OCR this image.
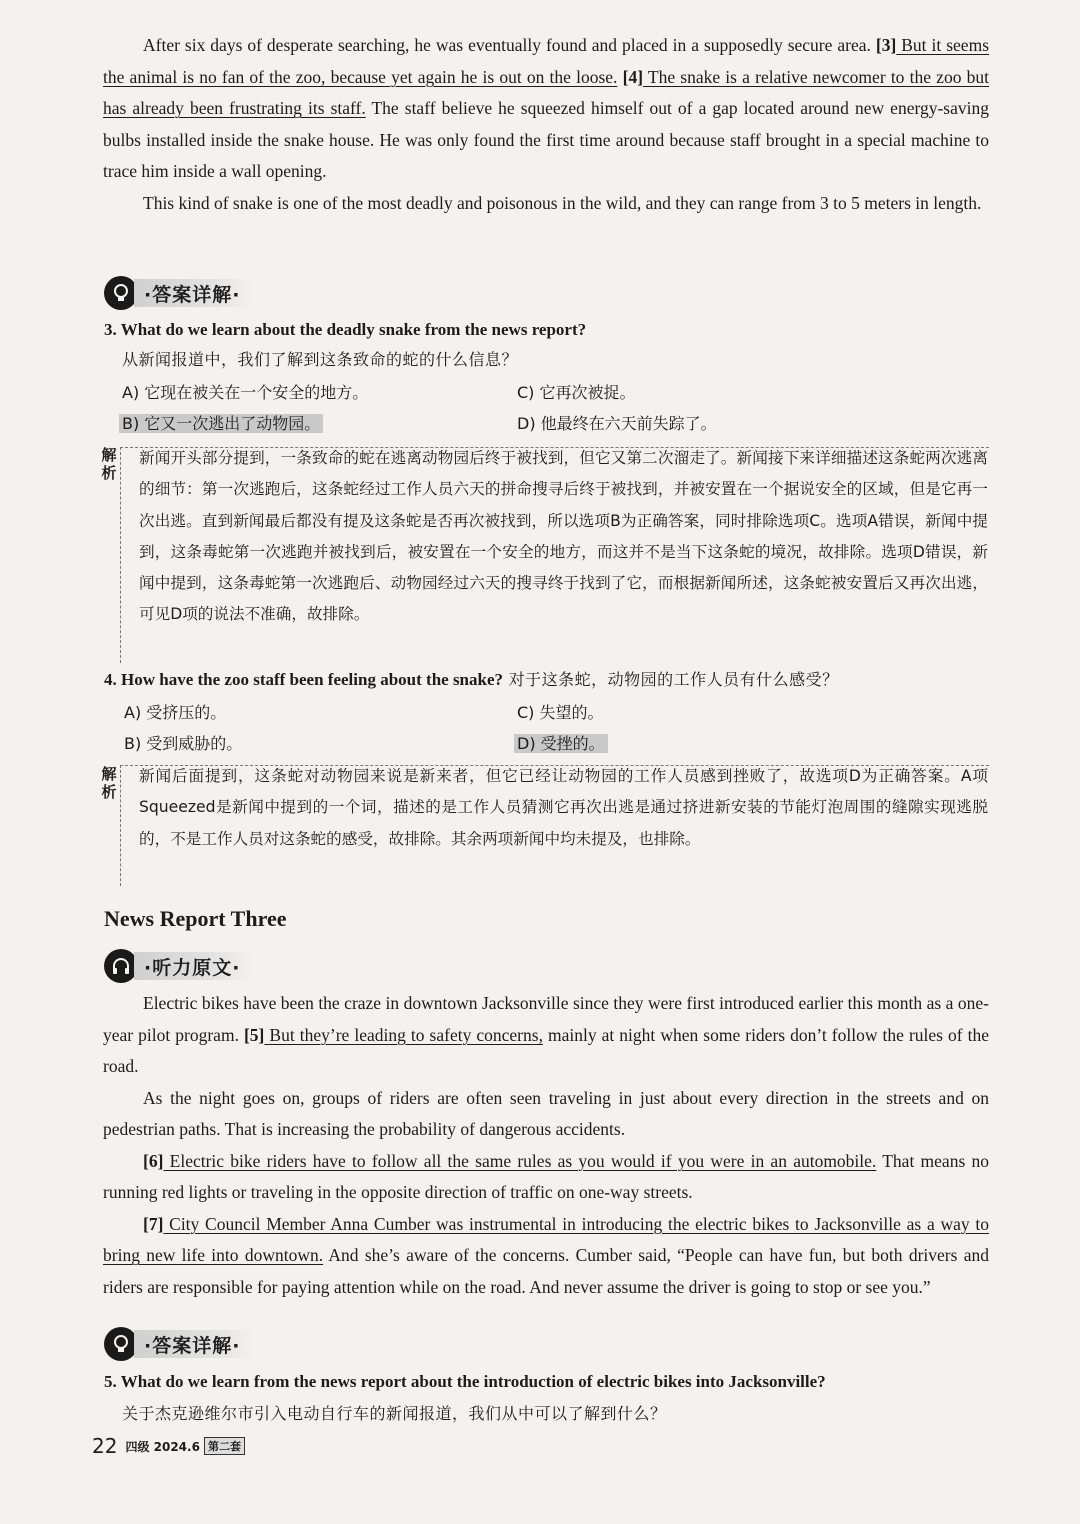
After six days of desperate searching, he was eventually found and placed in a supposedly secure area. [3] But it seems the animal is no fan of the zoo, because yet again he is out on the loose. [4] The snake is a relative newcomer to the zoo but has already been frustrating its staff. The staff believe he squeezed himself out of a gap located around new energy-saving bulbs installed inside the snake house. He was only found the first time around because staff brought in a special machine to trace him inside a wall opening.
This kind of snake is one of the most deadly and poisonous in the wild, and they can range from 3 to 5 meters in length.
·答案详解·
3. What do we learn about the deadly snake from the news report?
从新闻报道中，我们了解到这条致命的蛇的什么信息？
A) 它现在被关在一个安全的地方。	C) 它再次被捉。
B) 它又一次逃出了动物园。	D) 他最终在六天前失踪了。
解析
新闻开头部分提到，一条致命的蛇在逃离动物园后终于被找到，但它又第二次溜走了。新闻接下来详细描述这条蛇两次逃离的细节：第一次逃跑后，这条蛇经过工作人员六天的拼命搜寻后终于被找到，并被安置在一个据说安全的区域，但是它再一次出逃。直到新闻最后都没有提及这条蛇是否再次被找到，所以选项B为正确答案，同时排除选项C。选项A错误，新闻中提到，这条毒蛇第一次逃跑并被找到后，被安置在一个安全的地方，而这并不是当下这条蛇的境况，故排除。选项D错误，新闻中提到，这条毒蛇第一次逃跑后、动物园经过六天的搜寻终于找到了它，而根据新闻所述，这条蛇被安置后又再次出逃，可见D项的说法不准确，故排除。
4. How have the zoo staff been feeling about the snake? 对于这条蛇，动物园的工作人员有什么感受？
A) 受挤压的。	C) 失望的。
B) 受到威胁的。	D) 受挫的。
解析
新闻后面提到，这条蛇对动物园来说是新来者，但它已经让动物园的工作人员感到挫败了，故选项D为正确答案。A项Squeezed是新闻中提到的一个词，描述的是工作人员猜测它再次出逃是通过挤进新安装的节能灯泡周围的缝隙实现逃脱的，不是工作人员对这条蛇的感受，故排除。其余两项新闻中均未提及，也排除。
News Report Three
·听力原文·
Electric bikes have been the craze in downtown Jacksonville since they were first introduced earlier this month as a one-year pilot program. [5] But they’re leading to safety concerns, mainly at night when some riders don’t follow the rules of the road.
As the night goes on, groups of riders are often seen traveling in just about every direction in the streets and on pedestrian paths. That is increasing the probability of dangerous accidents.
[6] Electric bike riders have to follow all the same rules as you would if you were in an automobile. That means no running red lights or traveling in the opposite direction of traffic on one-way streets.
[7] City Council Member Anna Cumber was instrumental in introducing the electric bikes to Jacksonville as a way to bring new life into downtown. And she’s aware of the concerns. Cumber said, “People can have fun, but both drivers and riders are responsible for paying attention while on the road. And never assume the driver is going to stop or see you.”
·答案详解·
5. What do we learn from the news report about the introduction of electric bikes into Jacksonville?
关于杰克逊维尔市引入电动自行车的新闻报道，我们从中可以了解到什么？
22 四级 2024.6 第二套
